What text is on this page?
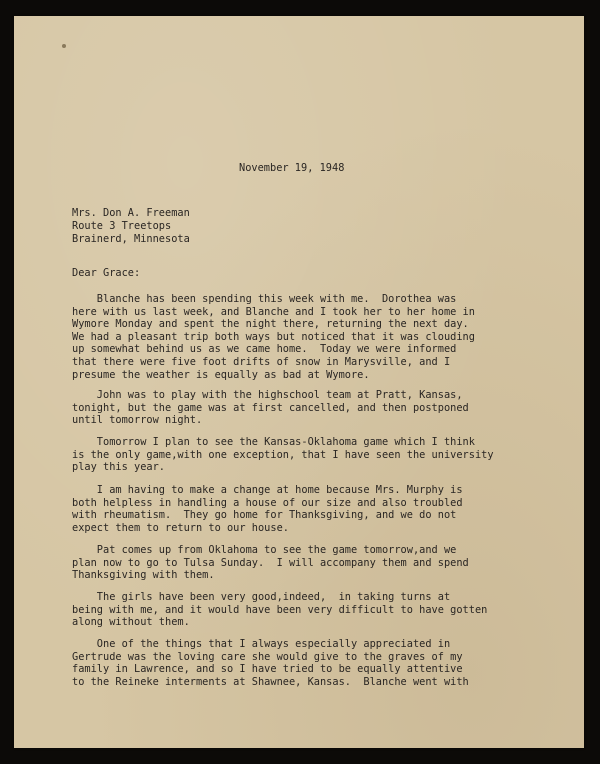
November 19, 1948
Mrs. Don A. Freeman
Route 3 Treetops
Brainerd, Minnesota
Dear Grace:
Blanche has been spending this week with me.  Dorothea was
here with us last week, and Blanche and I took her to her home in
Wymore Monday and spent the night there, returning the next day.
We had a pleasant trip both ways but noticed that it was clouding
up somewhat behind us as we came home.  Today we were informed
that there were five foot drifts of snow in Marysville, and I
presume the weather is equally as bad at Wymore.
John was to play with the highschool team at Pratt, Kansas,
tonight, but the game was at first cancelled, and then postponed
until tomorrow night.
Tomorrow I plan to see the Kansas-Oklahoma game which I think
is the only game,with one exception, that I have seen the university
play this year.
I am having to make a change at home because Mrs. Murphy is
both helpless in handling a house of our size and also troubled
with rheumatism.  They go home for Thanksgiving, and we do not
expect them to return to our house.
Pat comes up from Oklahoma to see the game tomorrow,and we
plan now to go to Tulsa Sunday.  I will accompany them and spend
Thanksgiving with them.
The girls have been very good,indeed,  in taking turns at
being with me, and it would have been very difficult to have gotten
along without them.
One of the things that I always especially appreciated in
Gertrude was the loving care she would give to the graves of my
family in Lawrence, and so I have tried to be equally attentive
to the Reineke interments at Shawnee, Kansas.  Blanche went with
